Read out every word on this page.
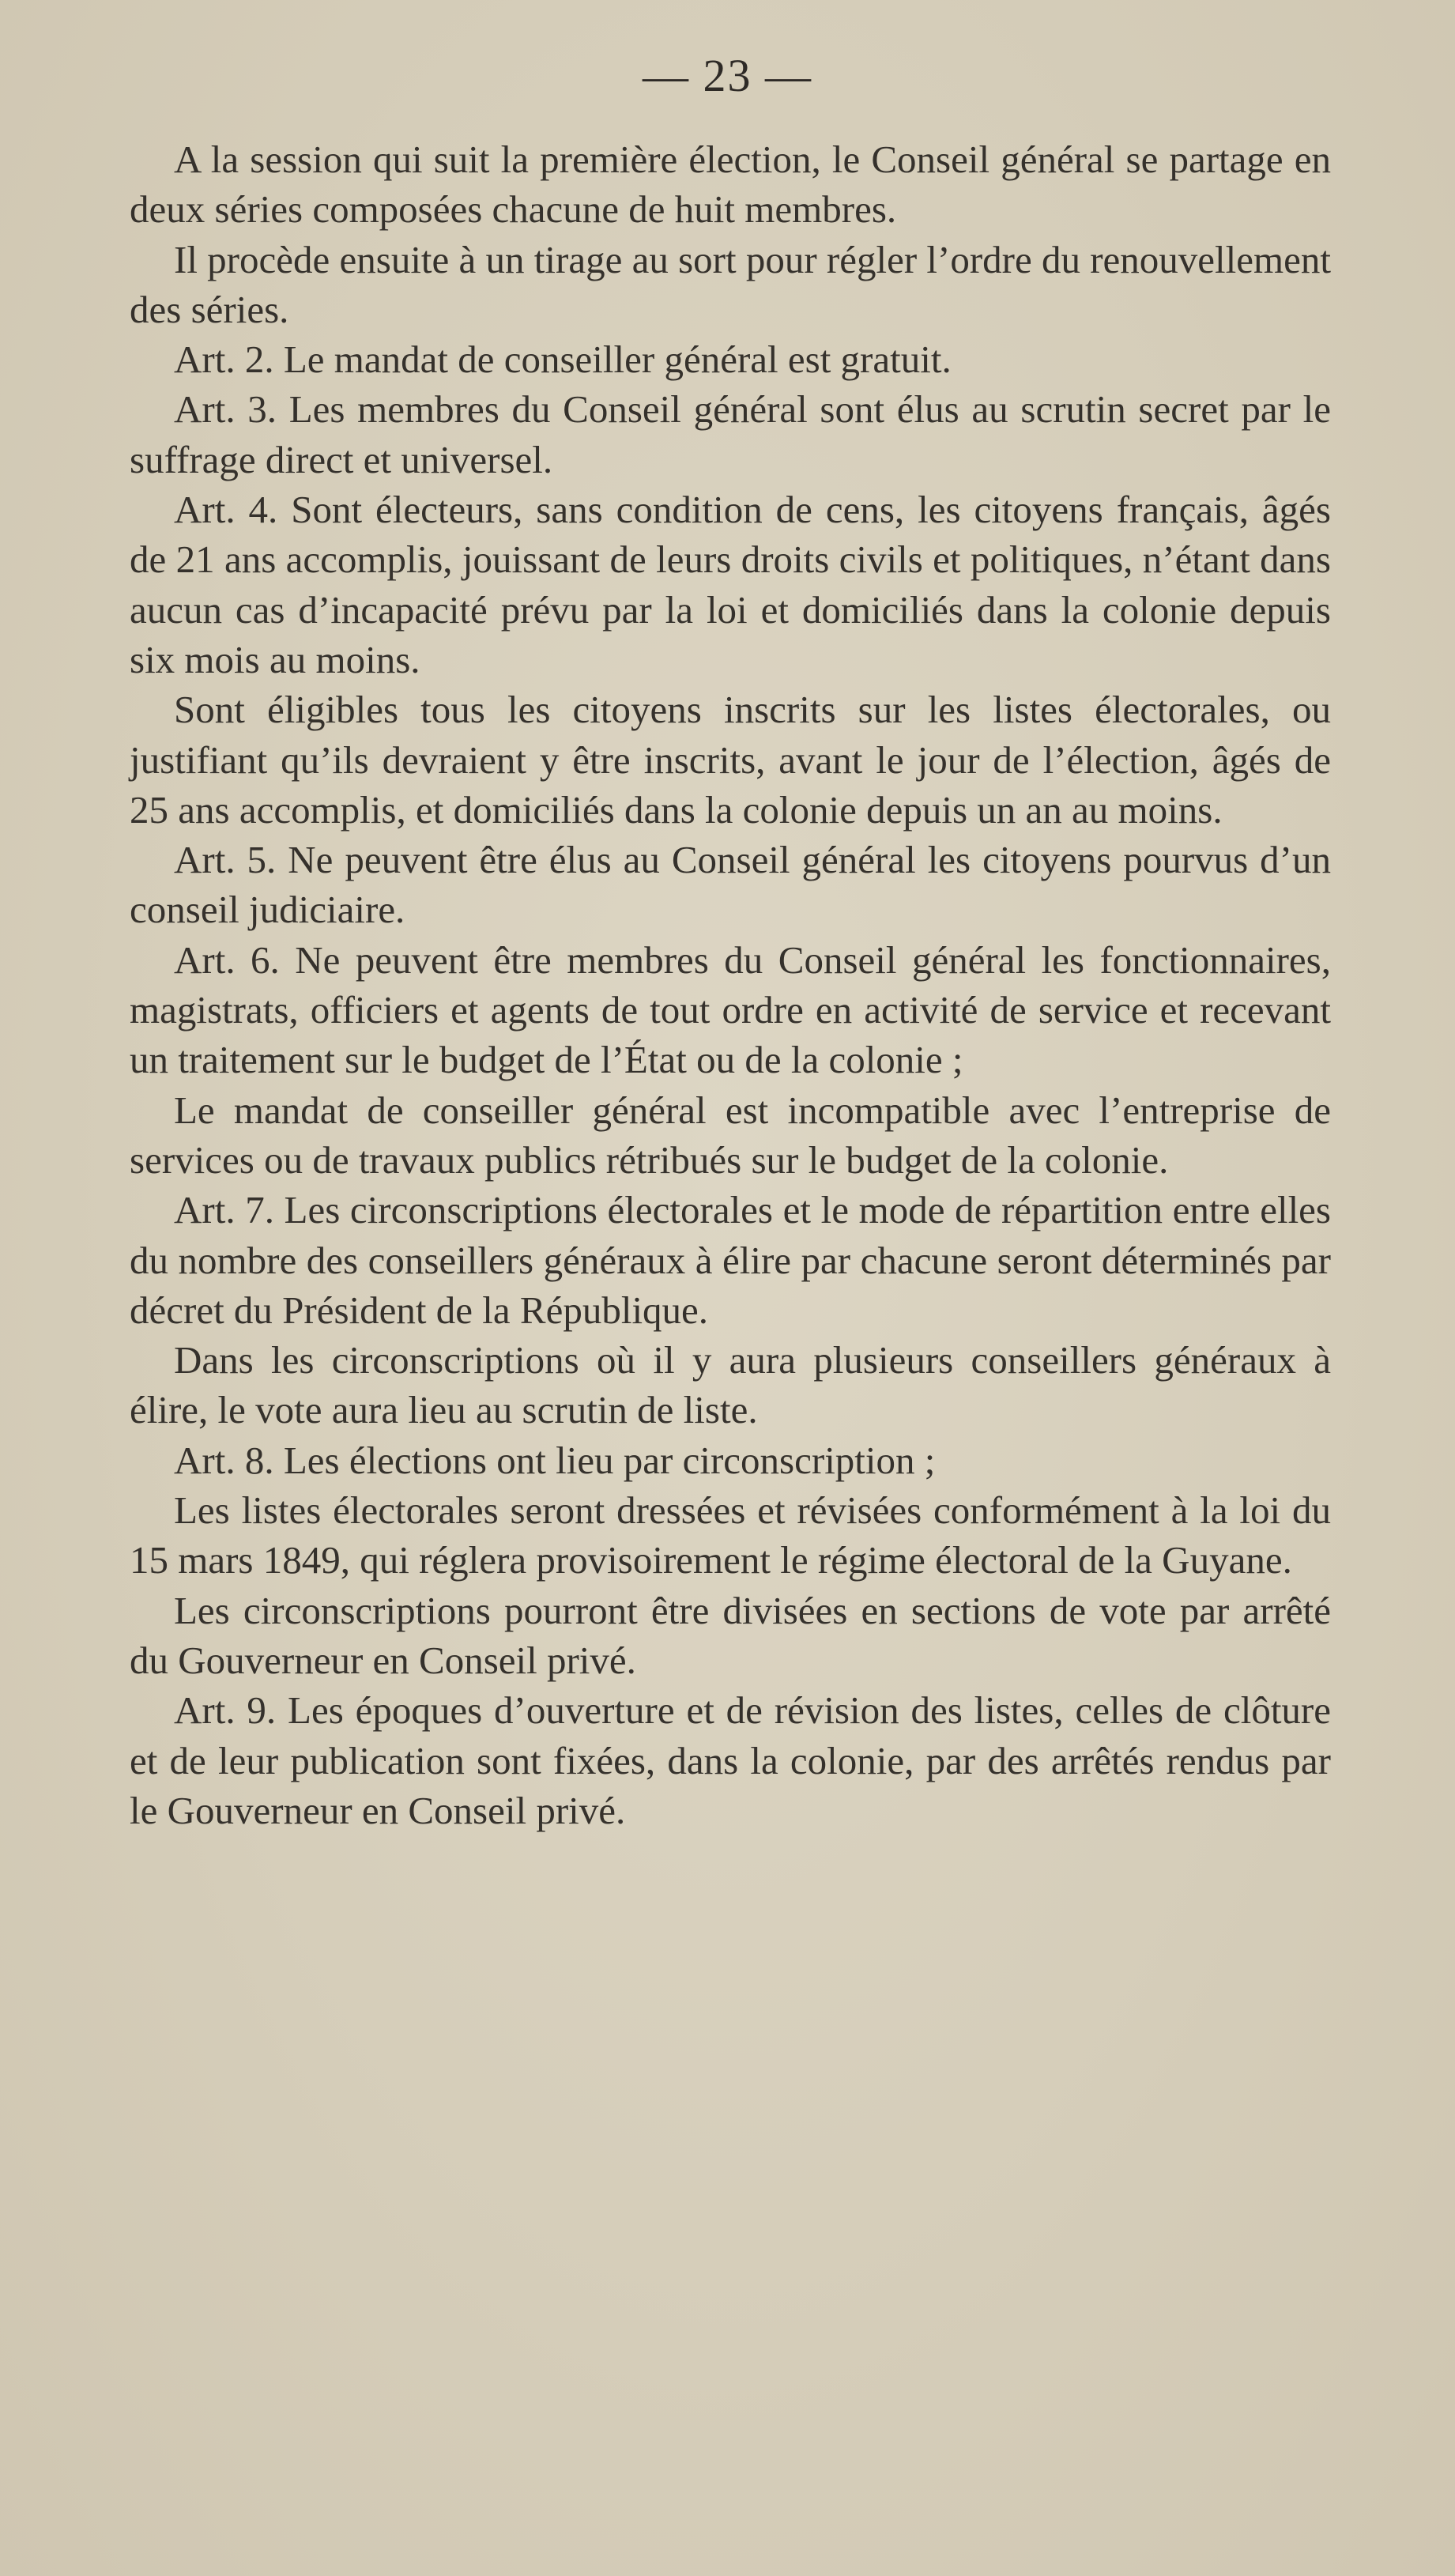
— 23 —

A la session qui suit la première élection, le Conseil général se partage en deux séries composées chacune de huit membres.

Il procède ensuite à un tirage au sort pour régler l’ordre du renouvellement des séries.

Art. 2. Le mandat de conseiller général est gratuit.

Art. 3. Les membres du Conseil général sont élus au scrutin secret par le suffrage direct et universel.

Art. 4. Sont électeurs, sans condition de cens, les citoyens français, âgés de 21 ans accomplis, jouissant de leurs droits civils et politiques, n’étant dans aucun cas d’incapacité prévu par la loi et domiciliés dans la colonie depuis six mois au moins.

Sont éligibles tous les citoyens inscrits sur les listes électorales, ou justifiant qu’ils devraient y être inscrits, avant le jour de l’élection, âgés de 25 ans accomplis, et domiciliés dans la colonie depuis un an au moins.

Art. 5. Ne peuvent être élus au Conseil général les citoyens pourvus d’un conseil judiciaire.

Art. 6. Ne peuvent être membres du Conseil général les fonctionnaires, magistrats, officiers et agents de tout ordre en activité de service et recevant un traitement sur le budget de l’État ou de la colonie ;

Le mandat de conseiller général est incompatible avec l’entreprise de services ou de travaux publics rétribués sur le budget de la colonie.

Art. 7. Les circonscriptions électorales et le mode de répartition entre elles du nombre des conseillers généraux à élire par chacune seront déterminés par décret du Président de la République.

Dans les circonscriptions où il y aura plusieurs conseillers généraux à élire, le vote aura lieu au scrutin de liste.

Art. 8. Les élections ont lieu par circonscription ;

Les listes électorales seront dressées et révisées conformément à la loi du 15 mars 1849, qui réglera provisoirement le régime électoral de la Guyane.

Les circonscriptions pourront être divisées en sections de vote par arrêté du Gouverneur en Conseil privé.

Art. 9. Les époques d’ouverture et de révision des listes, celles de clôture et de leur publication sont fixées, dans la colonie, par des arrêtés rendus par le Gouverneur en Conseil privé.
